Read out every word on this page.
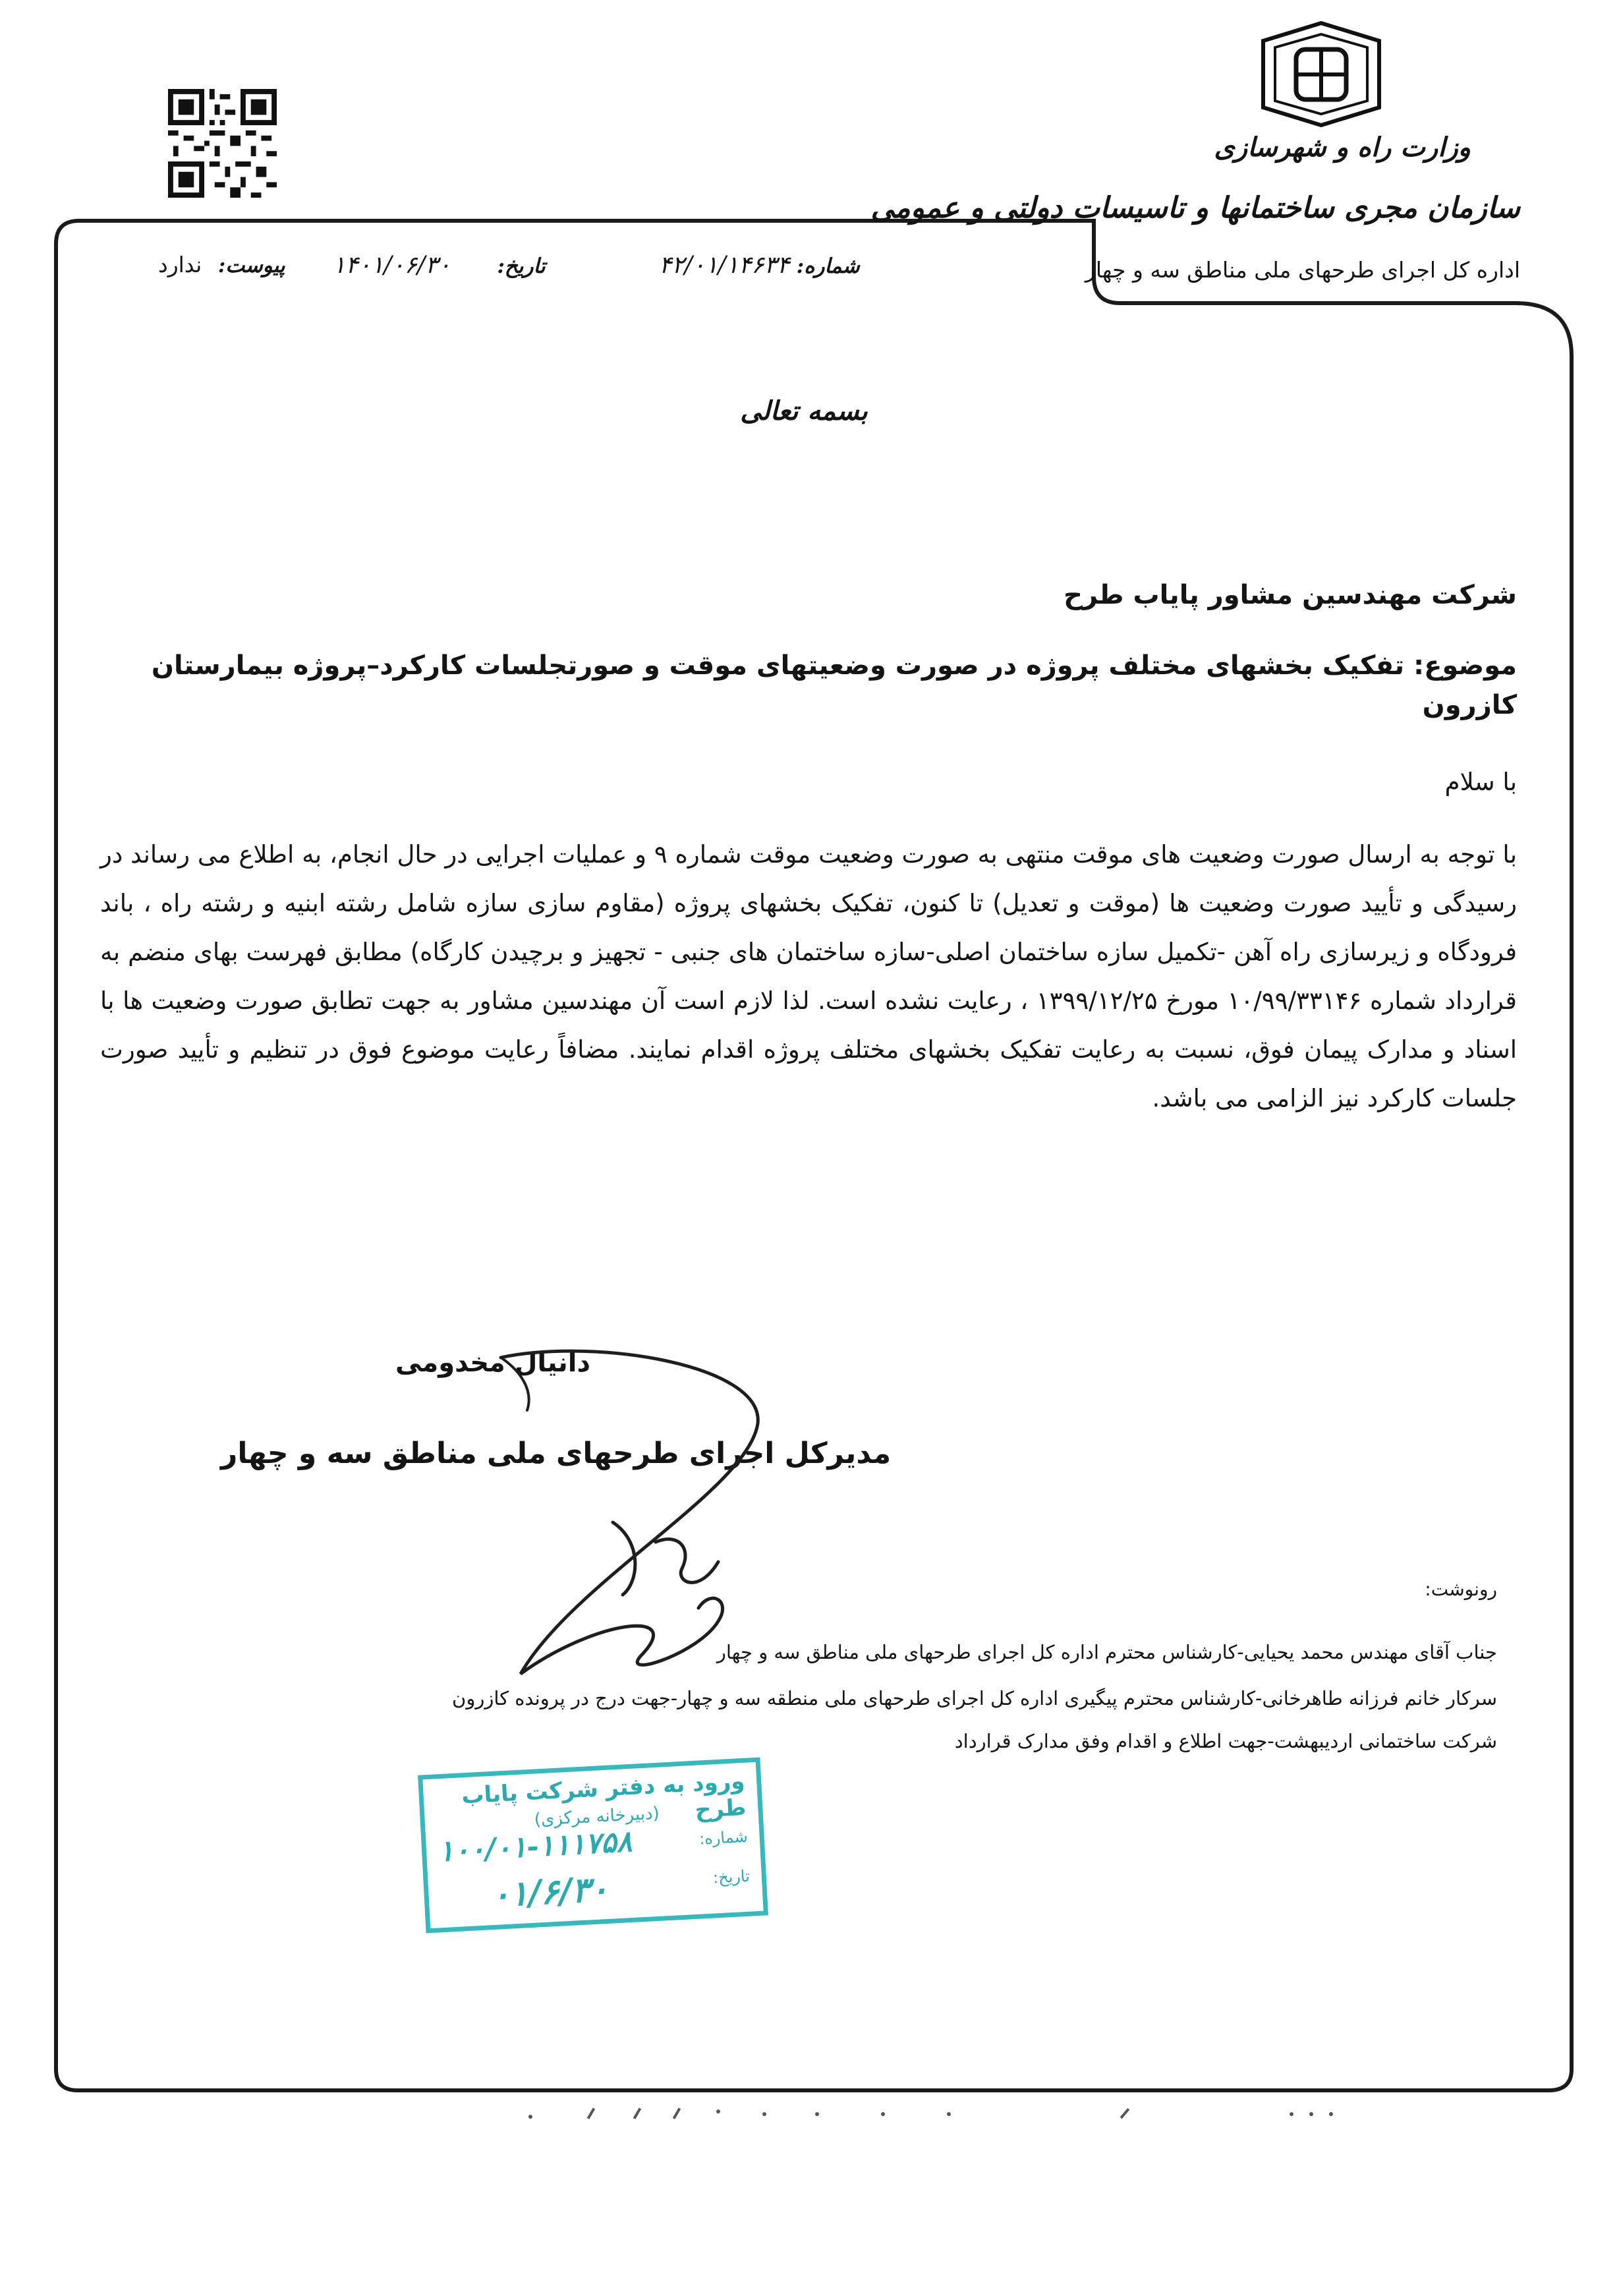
وزارت راه و شهرسازی
سازمان مجری ساختمانها و تاسیسات دولتی و عمومی
اداره کل اجرای طرحهای ملی مناطق سه و چهار
۴۲/۰۱/۱۴۶۳۴ شماره:
۱۴۰۱/۰۶/۳۰ تاریخ:
ندارد پیوست:
بسمه تعالی
شرکت مهندسین مشاور پایاب طرح
موضوع: تفکیک بخشهای مختلف پروژه در صورت وضعیتهای موقت و صورتجلسات کارکرد–پروژه بیمارستان کازرون
با سلام
با توجه به ارسال صورت وضعیت های موقت منتهی به صورت وضعیت موقت شماره ۹ و عملیات اجرایی در حال انجام، به اطلاع می رساند در رسیدگی و تأیید صورت وضعیت ها (موقت و تعدیل) تا کنون، تفکیک بخشهای پروژه (مقاوم سازی سازه شامل رشته ابنیه و رشته راه ، باند فرودگاه و زیرسازی راه آهن -تکمیل سازه ساختمان اصلی-سازه ساختمان های جنبی - تجهیز و برچیدن کارگاه) مطابق فهرست بهای منضم به قرارداد شماره ۱۰/۹۹/۳۳۱۴۶ مورخ ۱۳۹۹/۱۲/۲۵ ، رعایت نشده است. لذا لازم است آن مهندسین مشاور به جهت تطابق صورت وضعیت ها با اسناد و مدارک پیمان فوق، نسبت به رعایت تفکیک بخشهای مختلف پروژه اقدام نمایند. مضافاً رعایت موضوع فوق در تنظیم و تأیید صورت جلسات کارکرد نیز الزامی می باشد.
دانیال مخدومی
مدیرکل اجرای طرحهای ملی مناطق سه و چهار
رونوشت:
جناب آقای مهندس محمد یحیایی-کارشناس محترم اداره کل اجرای طرحهای ملی مناطق سه و چهار
سرکار خانم فرزانه طاهرخانی-کارشناس محترم پیگیری اداره کل اجرای طرحهای ملی منطقه سه و چهار-جهت درج در پرونده کازرون
شرکت ساختمانی اردیبهشت-جهت اطلاع و اقدام وفق مدارک قرارداد
ورود به دفتر شرکت پایاب طرح
(دبیرخانه مرکزی)
شماره:
تاریخ:
۱۰۰/۰۱-۱۱۱۷۵۸
۰۱/۶/۳۰
